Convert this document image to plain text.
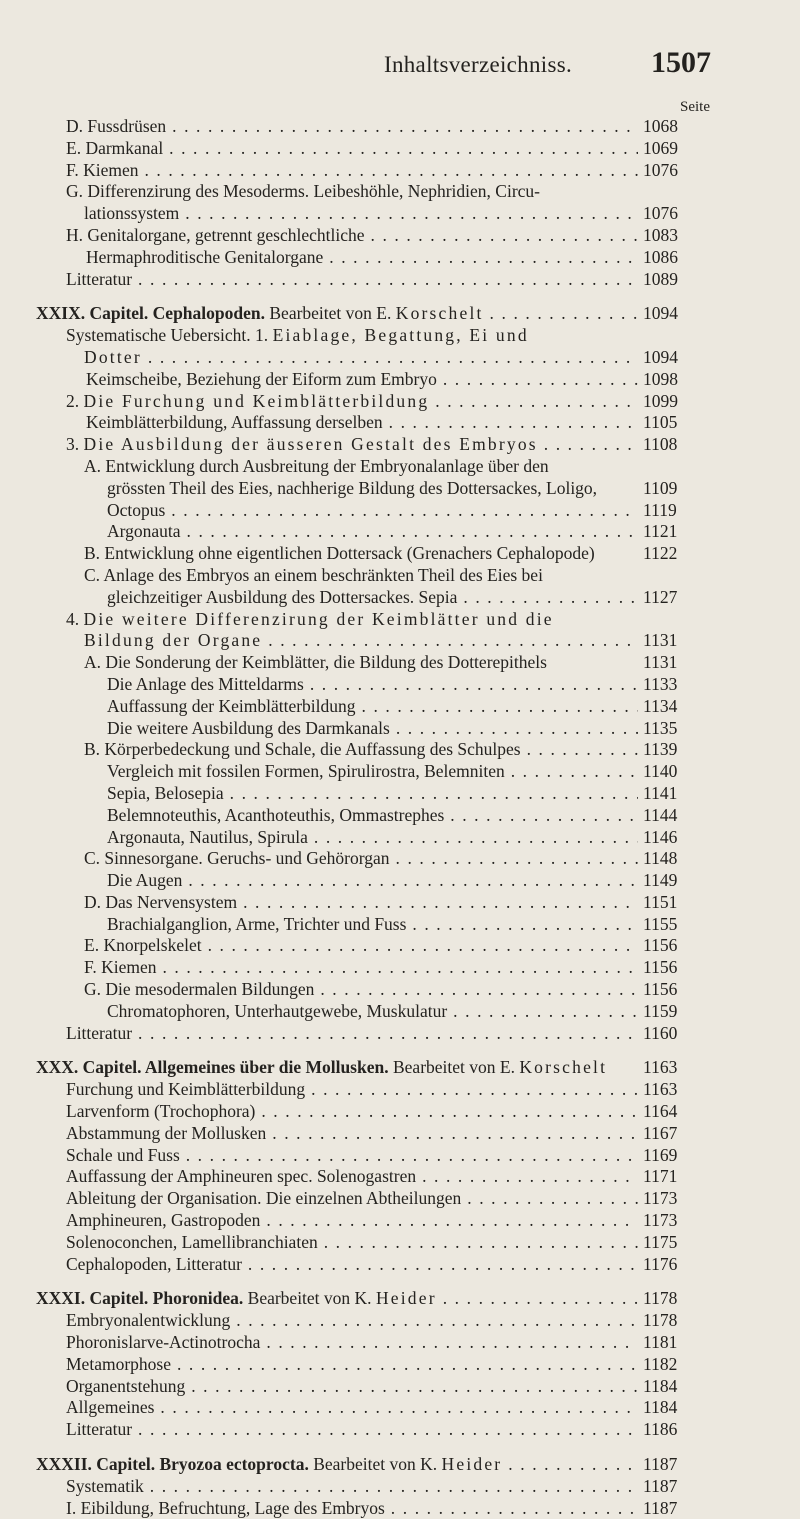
Inhaltsverzeichniss.	1507
Seite
D. Fussdrüsen . . .	1068
E. Darmkanal . . .	1069
F. Kiemen . . .	1076
G. Differenzirung des Mesoderms. Leibeshöhle, Nephridien, Circu-
lationssystem . . .	1076
H. Genitalorgane, getrennt geschlechtliche . . .	1083
Hermaphroditische Genitalorgane . . .	1086
Litteratur . . .	1089
XXIX. Capitel. Cephalopoden. Bearbeitet von E. Korschelt . . .	1094
Systematische Uebersicht. 1. Eiablage, Begattung, Ei und
Dotter . . .	1094
Keimscheibe, Beziehung der Eiform zum Embryo . . .	1098
2. Die Furchung und Keimblätterbildung . . .	1099
Keimblätterbildung, Auffassung derselben . . .	1105
3. Die Ausbildung der äusseren Gestalt des Embryos . . .	1108
A. Entwicklung durch Ausbreitung der Embryonalanlage über den
grössten Theil des Eies, nachherige Bildung des Dottersackes, Loligo,	1109
Octopus . . .	1119
Argonauta . . .	1121
B. Entwicklung ohne eigentlichen Dottersack (Grenachers Cephalopode)	1122
C. Anlage des Embryos an einem beschränkten Theil des Eies bei
gleichzeitiger Ausbildung des Dottersackes. Sepia . . .	1127
4. Die weitere Differenzirung der Keimblätter und die
Bildung der Organe . . .	1131
A. Die Sonderung der Keimblätter, die Bildung des Dotterepithels	1131
Die Anlage des Mitteldarms . . .	1133
Auffassung der Keimblätterbildung . . .	1134
Die weitere Ausbildung des Darmkanals . . .	1135
B. Körperbedeckung und Schale, die Auffassung des Schulpes . . .	1139
Vergleich mit fossilen Formen, Spirulirostra, Belemniten . . .	1140
Sepia, Belosepia . . .	1141
Belemnoteuthis, Acanthoteuthis, Ommastrephes . . .	1144
Argonauta, Nautilus, Spirula . . .	1146
C. Sinnesorgane. Geruchs- und Gehörorgan . . .	1148
Die Augen . . .	1149
D. Das Nervensystem . . .	1151
Brachialganglion, Arme, Trichter und Fuss . . .	1155
E. Knorpelskelet . . .	1156
F. Kiemen . . .	1156
G. Die mesodermalen Bildungen . . .	1156
Chromatophoren, Unterhautgewebe, Muskulatur . . .	1159
Litteratur . . .	1160
XXX. Capitel. Allgemeines über die Mollusken. Bearbeitet von E. Korschelt	1163
Furchung und Keimblätterbildung . . .	1163
Larvenform (Trochophora) . . .	1164
Abstammung der Mollusken . . .	1167
Schale und Fuss . . .	1169
Auffassung der Amphineuren spec. Solenogastren . . .	1171
Ableitung der Organisation. Die einzelnen Abtheilungen . . .	1173
Amphineuren, Gastropoden . . .	1173
Solenoconchen, Lamellibranchiaten . . .	1175
Cephalopoden, Litteratur . . .	1176
XXXI. Capitel. Phoronidea. Bearbeitet von K. Heider . . .	1178
Embryonalentwicklung . . .	1178
Phoronislarve-Actinotrocha . . .	1181
Metamorphose . . .	1182
Organentstehung . . .	1184
Allgemeines . . .	1184
Litteratur . . .	1186
XXXII. Capitel. Bryozoa ectoprocta. Bearbeitet von K. Heider . . .	1187
Systematik . . .	1187
I. Eibildung, Befruchtung, Lage des Embryos . . .	1187
